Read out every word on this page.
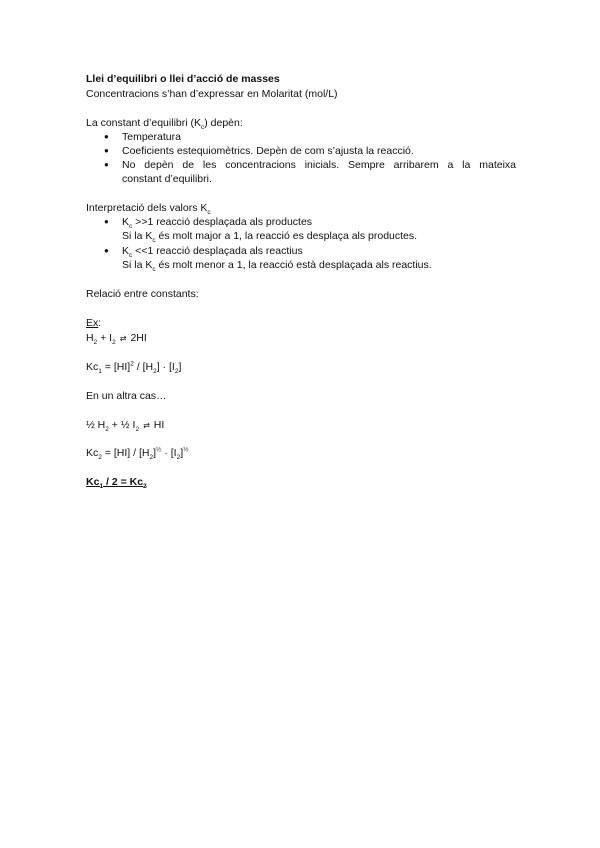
Llei d’equilibri o llei d’acció de masses
Concentracions s’han d’expressar en Molaritat (mol/L)
La constant d’equilibri $(K_c)$ depèn:
● Temperatura
● Coeficients estequiomètrics. Depèn de com s’ajusta la reacció.
● No depèn de les concentracions inicials. Sempre arribarem a la mateixa
constant d’equilibri.
Interpretació dels valors $K_c$
● $K_c >>1$ reacció desplaçada als productes
Si la $K_c$ és molt major a 1, la reacció es desplaça als productes.
● $K_c <<1$ reacció desplaçada als reactius
Si la $K_c$ és molt menor a 1, la reacció està desplaçada als reactius.
Relació entre constants:
Ex:
$H_2 + I_2$ ⇄ 2HI
$Kc_1 = [HI]^2 / [H_2] \cdot [I_2]$
En un altra cas…
½ $H_2$ + ½ $I_2$ ⇄ HI
$Kc_2 = [HI] / [H_2]^{\frac{1}{2}} \cdot [I_2]^{\frac{1}{2}}$
$Kc_1 / 2 = Kc_2$
